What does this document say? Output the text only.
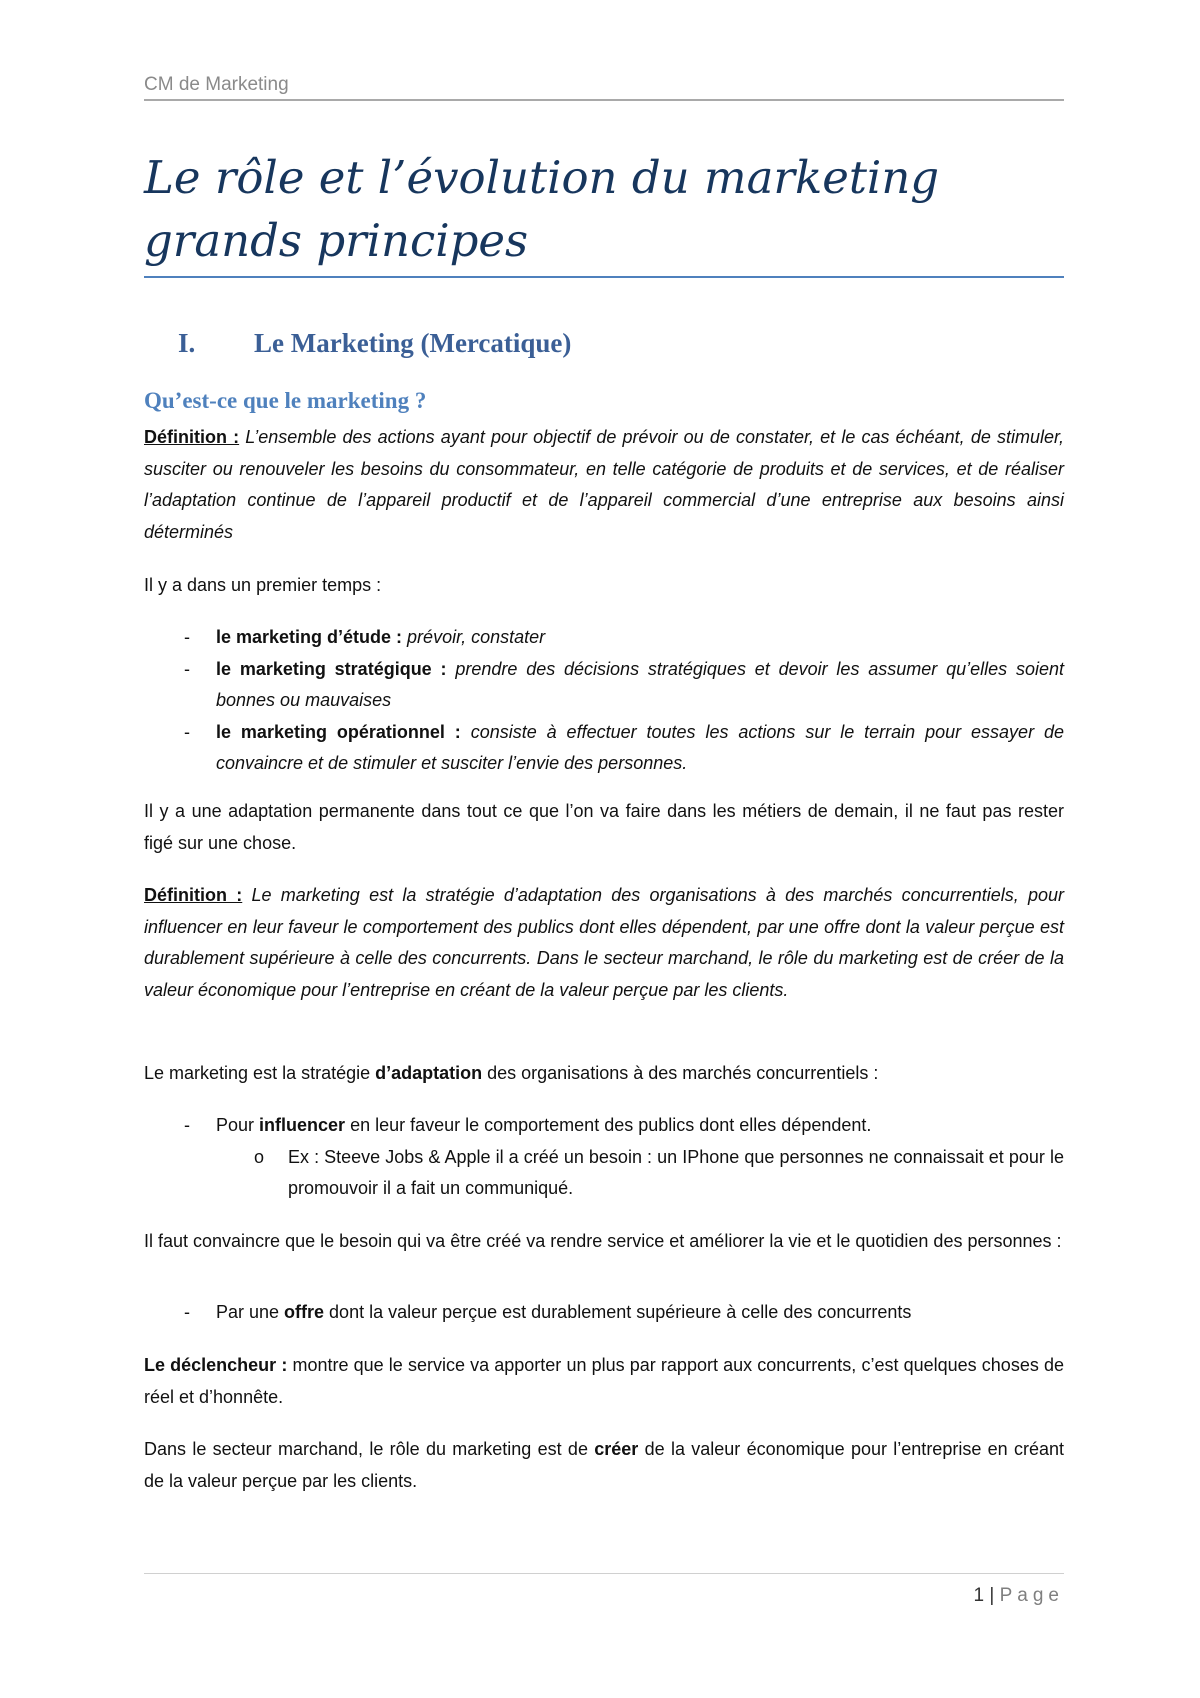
CM de Marketing
Le rôle et l’évolution du marketing
grands principes
I. Le Marketing (Mercatique)
Qu’est-ce que le marketing ?

Définition : L’ensemble des actions ayant pour objectif de prévoir ou de constater, et le cas échéant, de stimuler, susciter ou renouveler les besoins du consommateur, en telle catégorie de produits et de services, et de réaliser l’adaptation continue de l’appareil productif et de l’appareil commercial d’une entreprise aux besoins ainsi déterminés

Il y a dans un premier temps :

- le marketing d’étude : prévoir, constater
- le marketing stratégique : prendre des décisions stratégiques et devoir les assumer qu’elles soient bonnes ou mauvaises
- le marketing opérationnel : consiste à effectuer toutes les actions sur le terrain pour essayer de convaincre et de stimuler et susciter l’envie des personnes.

Il y a une adaptation permanente dans tout ce que l’on va faire dans les métiers de demain, il ne faut pas rester figé sur une chose.

Définition : Le marketing est la stratégie d’adaptation des organisations à des marchés concurrentiels, pour influencer en leur faveur le comportement des publics dont elles dépendent, par une offre dont la valeur perçue est durablement supérieure à celle des concurrents. Dans le secteur marchand, le rôle du marketing est de créer de la valeur économique pour l’entreprise en créant de la valeur perçue par les clients.

Le marketing est la stratégie d’adaptation des organisations à des marchés concurrentiels :

- Pour influencer en leur faveur le comportement des publics dont elles dépendent.
o Ex : Steeve Jobs & Apple il a créé un besoin : un IPhone que personnes ne connaissait et pour le promouvoir il a fait un communiqué.

Il faut convaincre que le besoin qui va être créé va rendre service et améliorer la vie et le quotidien des personnes :

- Par une offre dont la valeur perçue est durablement supérieure à celle des concurrents

Le déclencheur : montre que le service va apporter un plus par rapport aux concurrents, c’est quelques choses de réel et d’honnête.

Dans le secteur marchand, le rôle du marketing est de créer de la valeur économique pour l’entreprise en créant de la valeur perçue par les clients.

1 | Page
